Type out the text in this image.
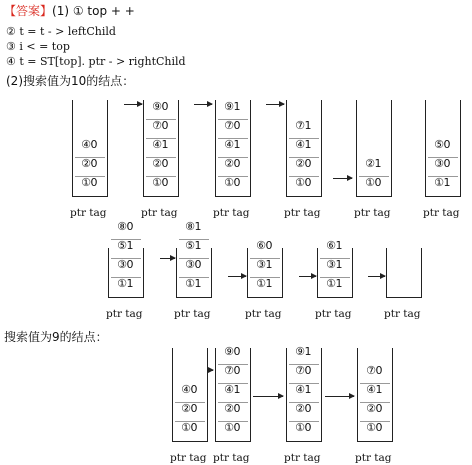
【答案】(1) ① top + +
② t = t - > leftChild
③ i < = top
④ t = ST[top]. ptr - > rightChild
(2)搜索值为10的结点：
搜索值为9的结点：
④ 0
② 0
① 0
ptr tag
⑨ 0
⑦ 0
④ 1
② 0
① 0
ptr tag
⑨ 1
⑦ 0
④ 1
② 0
① 0
ptr tag
⑦ 1
④ 1
② 0
① 0
ptr tag
② 1
① 0
ptr tag
⑤ 0
③ 0
① 1
ptr tag
⑧ 0
⑤ 1
③ 0
① 1
ptr tag
⑧ 1
⑤ 1
③ 0
① 1
ptr tag
⑥ 0
③ 1
① 1
ptr tag
⑥ 1
③ 1
① 1
ptr tag	ptr tag
④ 0
② 0
① 0
ptr tag
⑨ 0
⑦ 0
④ 1
② 0
① 0
ptr tag
⑨ 1
⑦ 0
④ 1
② 0
① 0
ptr tag
⑦ 0
④ 1
② 0
① 0
ptr tag
